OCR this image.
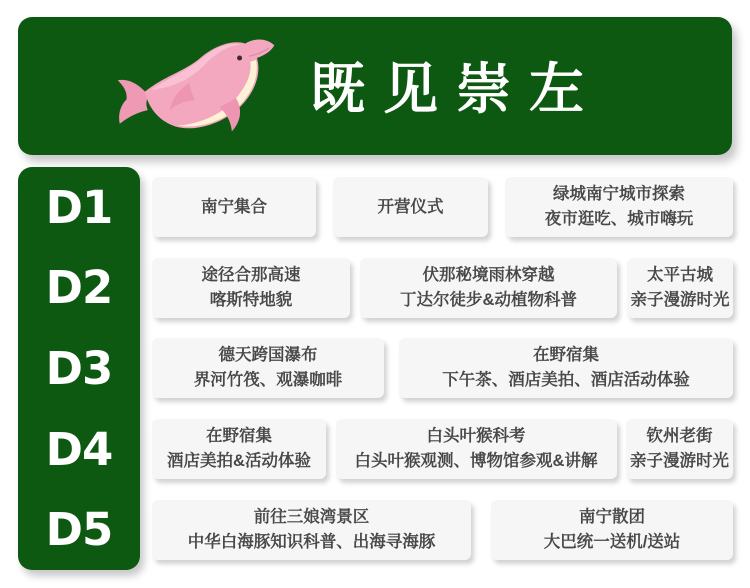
既见崇左
D1
D2
D3
D4
D5
南宁集合	开营仪式
绿城南宁城市探索
夜市逛吃、城市嗨玩
途径合那高速
喀斯特地貌
伏那秘境雨林穿越
丁达尔徒步&动植物科普
太平古城
亲子漫游时光
德天跨国瀑布
界河竹筏、观瀑咖啡
在野宿集
下午茶、酒店美拍、酒店活动体验
在野宿集
酒店美拍&活动体验
白头叶猴科考
白头叶猴观测、博物馆参观&讲解
钦州老街
亲子漫游时光
前往三娘湾景区
中华白海豚知识科普、出海寻海豚
南宁散团
大巴统一送机/送站
